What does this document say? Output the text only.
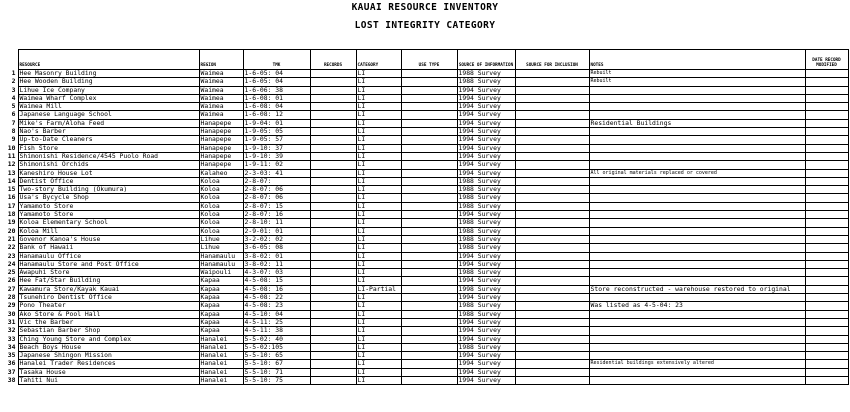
KAUAI RESOURCE INVENTORY
LOST INTEGRITY CATEGORY
	RESOURCE	REGION	TMK	RECORDS	CATEGORY	USE TYPE	SOURCE OF INFORMATION	SOURCE FOR INCLUSION	NOTES	DATE RECORD MODIFIED
1	Hee Masonry Building	Waimea	1-6-05: 04		LI		1988 Survey		Rebuilt	
2	Hee Wooden Building	Waimea	1-6-05: 04		LI		1988 Survey		Rebuilt	
3	Lihue Ice Company	Waimea	1-6-06: 38		LI		1994 Survey			
4	Waimea Wharf Complex	Waimea	1-6-08: 01		LI		1994 Survey			
5	Waimea Mill	Waimea	1-6-08: 04		LI		1994 Survey			
6	Japanese Language School	Waimea	1-6-08: 12		LI		1994 Survey			
7	Mike's Farm/Aloha Feed	Hanapepe	1-9-04: 01		LI		1994 Survey		Residential Buildings	
8	Nao's Barber	Hanapepe	1-9-05: 05		LI		1994 Survey			
9	Up-to-Date Cleaners	Hanapepe	1-9-05: 57		LI		1994 Survey			
10	Fish Store	Hanapepe	1-9-10: 37		LI		1994 Survey			
11	Shimonishi Residence/4545 Puolo Road	Hanapepe	1-9-10: 39		LI		1994 Survey			
12	Shimonishi Orchids	Hanapepe	1-9-11: 02		LI		1994 Survey			
13	Kaneshiro House Lot	Kalaheo	2-3-03: 41		LI		1994 Survey		All original materials replaced or covered	
14	Dentist Office	Koloa	2-8-07:		LI		1988 Survey			
15	Two-story Building (Okumura)	Koloa	2-8-07: 06		LI		1988 Survey			
16	Usa's Bycycle Shop	Koloa	2-8-07: 06		LI		1988 Survey			
17	Yamamoto Store	Koloa	2-8-07: 15		LI		1988 Survey			
18	Yamamoto Store	Koloa	2-8-07: 16		LI		1994 Survey			
19	Koloa Elementary School	Koloa	2-8-10: 11		LI		1988 Survey			
20	Koloa Mill	Koloa	2-9-01: 01		LI		1988 Survey			
21	Govenor Kanoa's House	Lihue	3-2-02: 02		LI		1988 Survey			
22	Bank of Hawaii	Lihue	3-6-05: 08		LI		1988 Survey			
23	Hanamaulu Office	Hanamaulu	3-8-02: 01		LI		1994 Survey			
24	Hanamaulu Store and Post Office	Hanamaulu	3-8-02: 11		LI		1994 Survey			
25	Awapuhi Store	Waipouli	4-3-07: 03		LI		1988 Survey			
26	Hee Fat/Star Building	Kapaa	4-5-08: 15		LI		1994 Survey			
27	Kawamura Store/Kayak Kauai	Kapaa	4-5-08: 16		LI-Partial		1998 Survey		Store reconstructed - warehouse restored to original	
28	Tsunehiro Dentist Office	Kapaa	4-5-08: 22		LI		1994 Survey			
29	Pono Theater	Kapaa	4-5-08: 23		LI		1988 Survey		Was listed as 4-5-04: 23	
30	Ako Store & Pool Hall	Kapaa	4-5-10: 04		LI		1988 Survey			
31	Vic the Barber	Kapaa	4-5-11: 25		LI		1994 Survey			
32	Sebastian Barber Shop	Kapaa	4-5-11: 38		LI		1994 Survey			
33	Ching Young Store and Complex	Hanalei	5-5-02: 40		LI		1994 Survey			
34	Beach Boys House	Hanalei	5-5-02:105		LI		1988 Survey			
35	Japanese Shingon Mission	Hanalei	5-5-10: 65		LI		1994 Survey			
36	Hanalei Trader Residences	Hanalei	5-5-10: 67		LI		1994 Survey		Residential buildings extensively altered	
37	Tasaka House	Hanalei	5-5-10: 71		LI		1994 Survey			
38	Tahiti Nui	Hanalei	5-5-10: 75		LI		1994 Survey			
